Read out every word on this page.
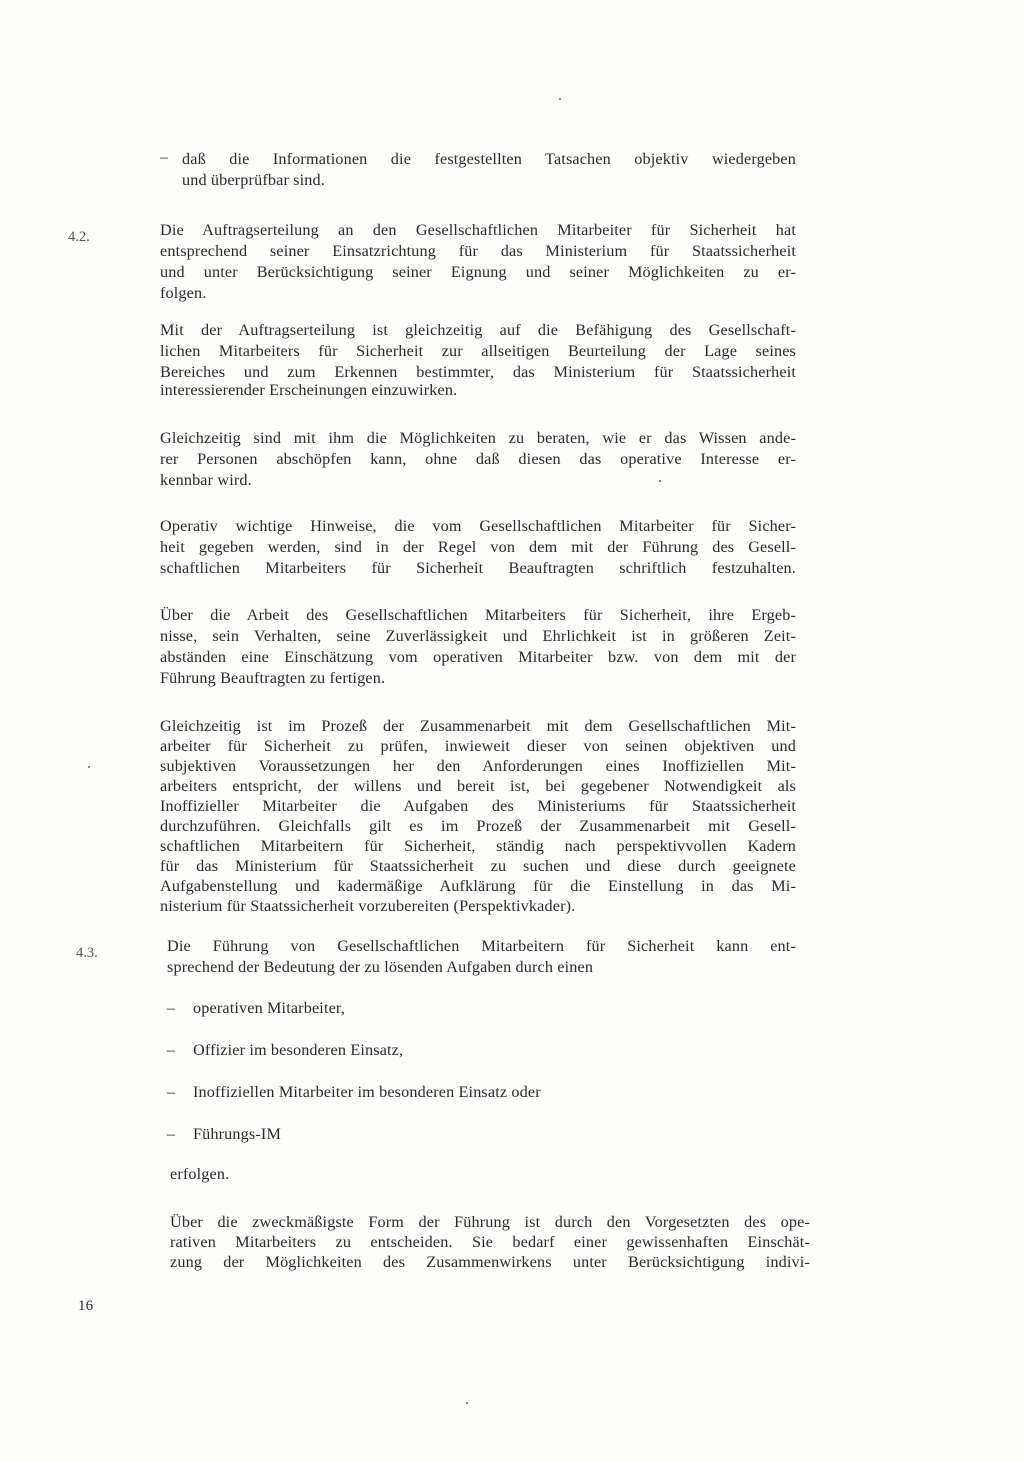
– daß die Informationen die festgestellten Tatsachen objektiv wiedergeben
und überprüfbar sind.
4.2.	Die Auftragserteilung an den Gesellschaftlichen Mitarbeiter für Sicherheit hat
entsprechend seiner Einsatzrichtung für das Ministerium für Staatssicherheit
und unter Berücksichtigung seiner Eignung und seiner Möglichkeiten zu er-
folgen.
Mit der Auftragserteilung ist gleichzeitig auf die Befähigung des Gesellschaft-
lichen Mitarbeiters für Sicherheit zur allseitigen Beurteilung der Lage seines
Bereiches und zum Erkennen bestimmter, das Ministerium für Staatssicherheit
interessierender Erscheinungen einzuwirken.
Gleichzeitig sind mit ihm die Möglichkeiten zu beraten, wie er das Wissen ande-
rer Personen abschöpfen kann, ohne daß diesen das operative Interesse er-
kennbar wird.
Operativ wichtige Hinweise, die vom Gesellschaftlichen Mitarbeiter für Sicher-
heit gegeben werden, sind in der Regel von dem mit der Führung des Gesell-
schaftlichen Mitarbeiters für Sicherheit Beauftragten schriftlich festzuhalten.
Über die Arbeit des Gesellschaftlichen Mitarbeiters für Sicherheit, ihre Ergeb-
nisse, sein Verhalten, seine Zuverlässigkeit und Ehrlichkeit ist in größeren Zeit-
abständen eine Einschätzung vom operativen Mitarbeiter bzw. von dem mit der
Führung Beauftragten zu fertigen.
Gleichzeitig ist im Prozeß der Zusammenarbeit mit dem Gesellschaftlichen Mit-
arbeiter für Sicherheit zu prüfen, inwieweit dieser von seinen objektiven und
subjektiven Voraussetzungen her den Anforderungen eines Inoffiziellen Mit-
arbeiters entspricht, der willens und bereit ist, bei gegebener Notwendigkeit als
Inoffizieller Mitarbeiter die Aufgaben des Ministeriums für Staatssicherheit
durchzuführen. Gleichfalls gilt es im Prozeß der Zusammenarbeit mit Gesell-
schaftlichen Mitarbeitern für Sicherheit, ständig nach perspektivvollen Kadern
für das Ministerium für Staatssicherheit zu suchen und diese durch geeignete
Aufgabenstellung und kadermäßige Aufklärung für die Einstellung in das Mi-
nisterium für Staatssicherheit vorzubereiten (Perspektivkader).
4.3.	Die Führung von Gesellschaftlichen Mitarbeitern für Sicherheit kann ent-
sprechend der Bedeutung der zu lösenden Aufgaben durch einen
– operativen Mitarbeiter,
– Offizier im besonderen Einsatz,
– Inoffiziellen Mitarbeiter im besonderen Einsatz oder
– Führungs-IM
erfolgen.
Über die zweckmäßigste Form der Führung ist durch den Vorgesetzten des ope-
rativen Mitarbeiters zu entscheiden. Sie bedarf einer gewissenhaften Einschät-
zung der Möglichkeiten des Zusammenwirkens unter Berücksichtigung indivi-
16
